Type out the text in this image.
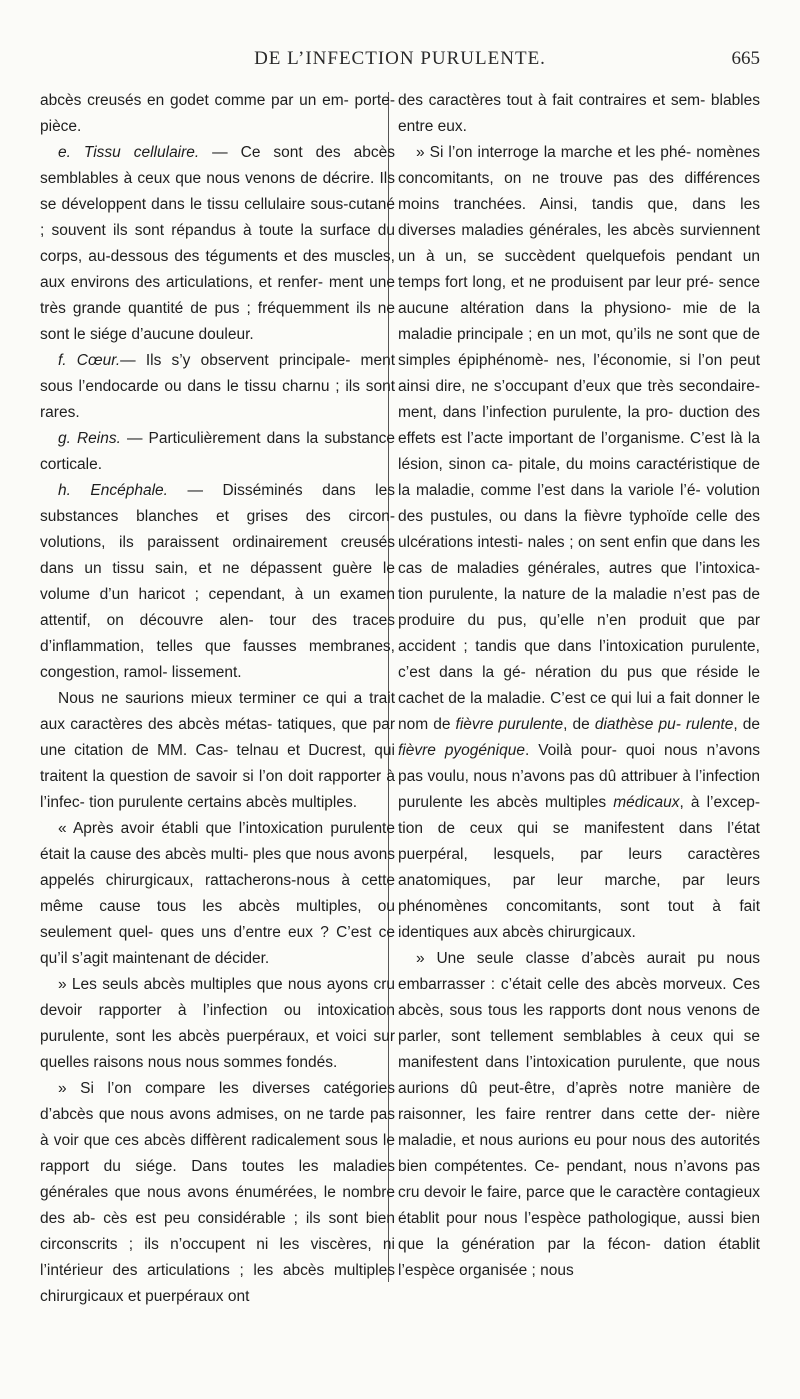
DE L’INFECTION PURULENTE.	665

abcès creusés en godet comme par un em- porte-pièce.

e. Tissu cellulaire. — Ce sont des abcès semblables à ceux que nous venons de décrire. Ils se développent dans le tissu cellulaire sous-cutané ; souvent ils sont répandus à toute la surface du corps, au-dessous des téguments et des muscles, aux environs des articulations, et renfer- ment une très grande quantité de pus ; fréquemment ils ne sont le siége d’aucune douleur.

f. Cœur.— Ils s’y observent principale- ment sous l’endocarde ou dans le tissu charnu ; ils sont rares.

g. Reins. — Particulièrement dans la substance corticale.

h. Encéphale. — Disséminés dans les substances blanches et grises des circon- volutions, ils paraissent ordinairement creusés dans un tissu sain, et ne dépassent guère le volume d’un haricot ; cependant, à un examen attentif, on découvre alen- tour des traces d’inflammation, telles que fausses membranes, congestion, ramol- lissement.

Nous ne saurions mieux terminer ce qui a trait aux caractères des abcès métas- tatiques, que par une citation de MM. Cas- telnau et Ducrest, qui traitent la question de savoir si l’on doit rapporter à l’infec- tion purulente certains abcès multiples.

« Après avoir établi que l’intoxication purulente était la cause des abcès multi- ples que nous avons appelés chirurgicaux, rattacherons-nous à cette même cause tous les abcès multiples, ou seulement quel- ques uns d’entre eux ? C’est ce qu’il s’agit maintenant de décider.

» Les seuls abcès multiples que nous ayons cru devoir rapporter à l’infection ou intoxication purulente, sont les abcès puerpéraux, et voici sur quelles raisons nous nous sommes fondés.

» Si l’on compare les diverses catégories d’abcès que nous avons admises, on ne tarde pas à voir que ces abcès diffèrent radicalement sous le rapport du siége. Dans toutes les maladies générales que nous avons énumérées, le nombre des ab- cès est peu considérable ; ils sont bien circonscrits ; ils n’occupent ni les viscères, ni l’intérieur des articulations ; les abcès multiples chirurgicaux et puerpéraux ont

des caractères tout à fait contraires et sem- blables entre eux.

» Si l’on interroge la marche et les phé- nomènes concomitants, on ne trouve pas des différences moins tranchées. Ainsi, tandis que, dans les diverses maladies générales, les abcès surviennent un à un, se succèdent quelquefois pendant un temps fort long, et ne produisent par leur pré- sence aucune altération dans la physiono- mie de la maladie principale ; en un mot, qu’ils ne sont que de simples épiphénomè- nes, l’économie, si l’on peut ainsi dire, ne s’occupant d’eux que très secondaire- ment, dans l’infection purulente, la pro- duction des effets est l’acte important de l’organisme. C’est là la lésion, sinon ca- pitale, du moins caractéristique de la maladie, comme l’est dans la variole l’é- volution des pustules, ou dans la fièvre typhoïde celle des ulcérations intesti- nales ; on sent enfin que dans les cas de maladies générales, autres que l’intoxica- tion purulente, la nature de la maladie n’est pas de produire du pus, qu’elle n’en produit que par accident ; tandis que dans l’intoxication purulente, c’est dans la gé- nération du pus que réside le cachet de la maladie. C’est ce qui lui a fait donner le nom de fièvre purulente, de diathèse pu- rulente, de fièvre pyogénique. Voilà pour- quoi nous n’avons pas voulu, nous n’avons pas dû attribuer à l’infection purulente les abcès multiples médicaux, à l’excep- tion de ceux qui se manifestent dans l’état puerpéral, lesquels, par leurs caractères anatomiques, par leur marche, par leurs phénomènes concomitants, sont tout à fait identiques aux abcès chirurgicaux.

» Une seule classe d’abcès aurait pu nous embarrasser : c’était celle des abcès morveux. Ces abcès, sous tous les rapports dont nous venons de parler, sont tellement semblables à ceux qui se manifestent dans l’intoxication purulente, que nous aurions dû peut-être, d’après notre manière de raisonner, les faire rentrer dans cette der- nière maladie, et nous aurions eu pour nous des autorités bien compétentes. Ce- pendant, nous n’avons pas cru devoir le faire, parce que le caractère contagieux établit pour nous l’espèce pathologique, aussi bien que la génération par la fécon- dation établit l’espèce organisée ; nous
